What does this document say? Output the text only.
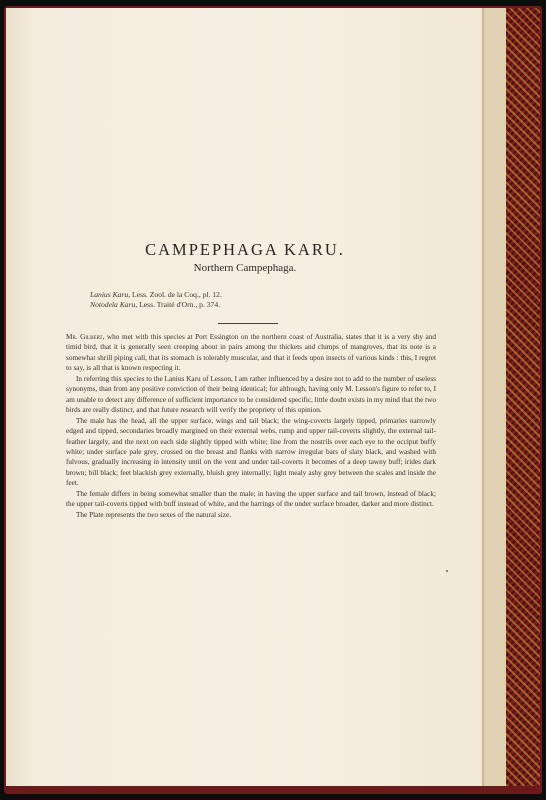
CAMPEPHAGA KARU.
Northern Campephaga.
Lanius Karu, Less. Zool. de la Coq., pl. 12.
Notodela Karu, Less. Traité d'Orn., p. 374.

Mr. Gilbert, who met with this species at Port Essington on the northern coast of Australia, states that it is a very shy and timid bird, that it is generally seen creeping about in pairs among the thickets and clumps of mangroves, that its note is a somewhat shrill piping call, that its stomach is tolerably muscular, and that it feeds upon insects of various kinds : this, I regret to say, is all that is known respecting it.

In referring this species to the Lanius Karu of Lesson, I am rather influenced by a desire not to add to the number of useless synonyms, than from any positive conviction of their being identical; for although, having only M. Lesson's figure to refer to, I am unable to detect any difference of sufficient importance to be considered specific, little doubt exists in my mind that the two birds are really distinct, and that future research will verify the propriety of this opinion.

The male has the head, all the upper surface, wings and tail black; the wing-coverts largely tipped, primaries narrowly edged and tipped, secondaries broadly margined on their external webs, rump and upper tail-coverts slightly, the external tail-feather largely, and the next on each side slightly tipped with white; line from the nostrils over each eye to the occiput buffy white; under surface pale grey, crossed on the breast and flanks with narrow irregular bars of slaty black, and washed with fulvous, gradually increasing in intensity until on the vent and under tail-coverts it becomes of a deep tawny buff; irides dark brown; bill black; feet blackish grey externally, bluish grey internally; light mealy ashy grey between the scales and inside the feet.

The female differs in being somewhat smaller than the male; in having the upper surface and tail brown, instead of black; the upper tail-coverts tipped with buff instead of white, and the barrings of the under surface broader, darker and more distinct.

The Plate represents the two sexes of the natural size.
